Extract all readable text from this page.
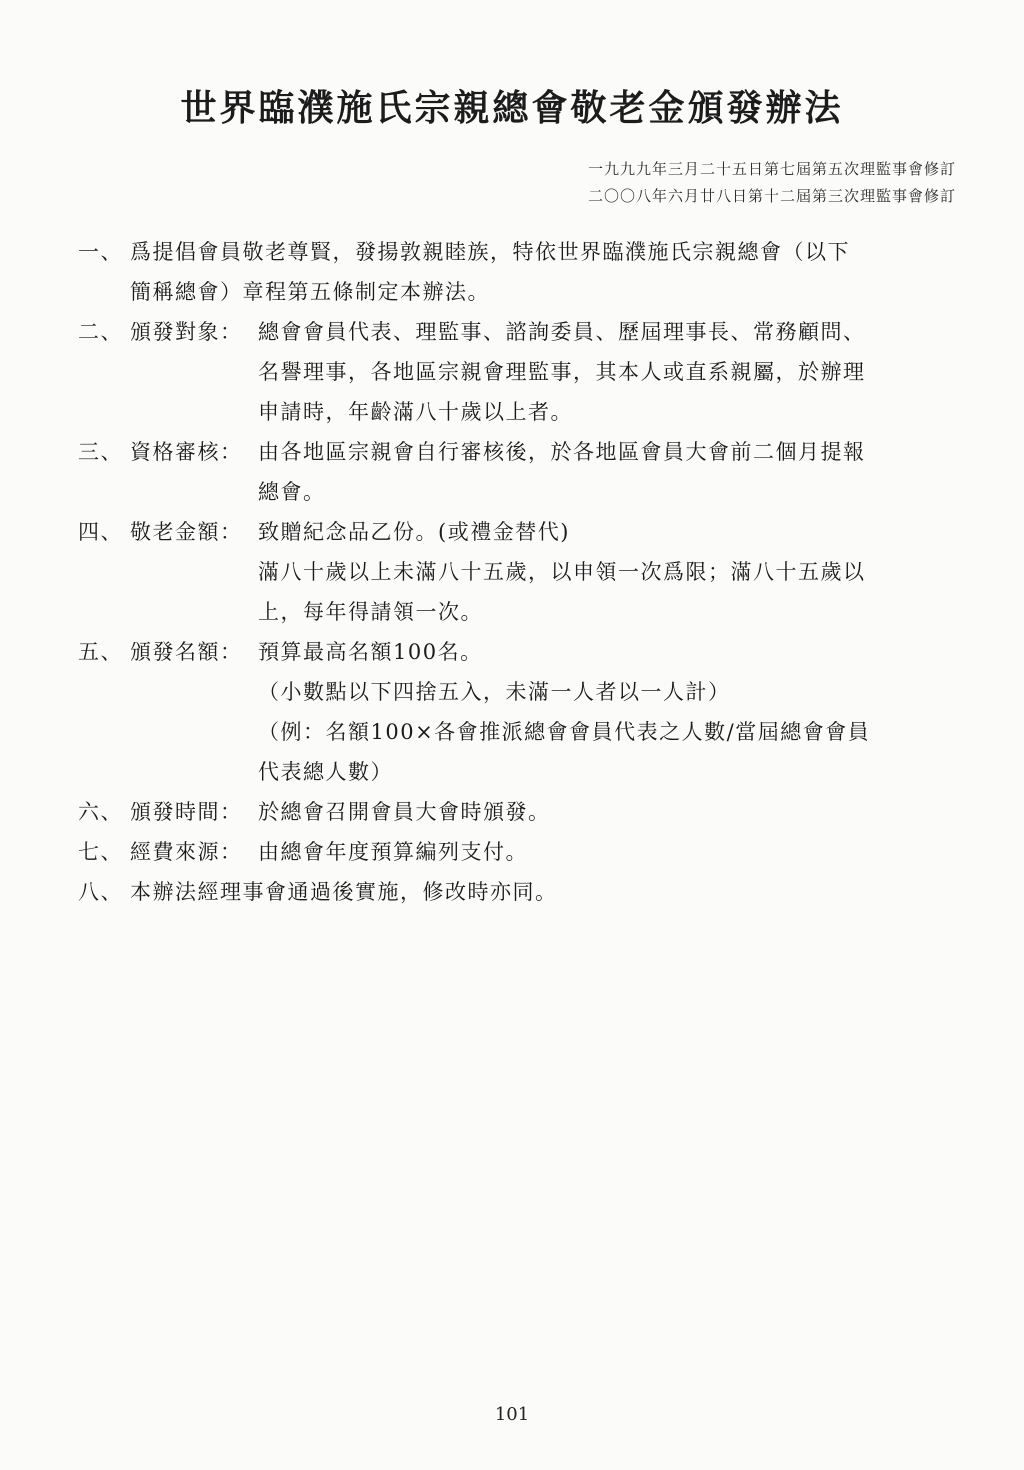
世界臨濮施氏宗親總會敬老金頒發辦法
一九九九年三月二十五日第七屆第五次理監事會修訂
二〇〇八年六月廿八日第十二屆第三次理監事會修訂
一、 爲提倡會員敬老尊賢，發揚敦親睦族，特依世界臨濮施氏宗親總會（以下
簡稱總會）章程第五條制定本辦法。
二、 頒發對象： 總會會員代表、理監事、諮詢委員、歷屆理事長、常務顧問、
名譽理事，各地區宗親會理監事，其本人或直系親屬，於辦理
申請時，年齡滿八十歲以上者。
三、 資格審核： 由各地區宗親會自行審核後，於各地區會員大會前二個月提報
總會。
四、 敬老金額： 致贈紀念品乙份。(或禮金替代)
滿八十歲以上未滿八十五歲，以申領一次爲限；滿八十五歲以
上，每年得請領一次。
五、 頒發名額： 預算最高名額100名。
（小數點以下四捨五入，未滿一人者以一人計）
（例：名額100×各會推派總會會員代表之人數/當屆總會會員
代表總人數）
六、 頒發時間： 於總會召開會員大會時頒發。
七、 經費來源： 由總會年度預算編列支付。
八、 本辦法經理事會通過後實施，修改時亦同。
101
